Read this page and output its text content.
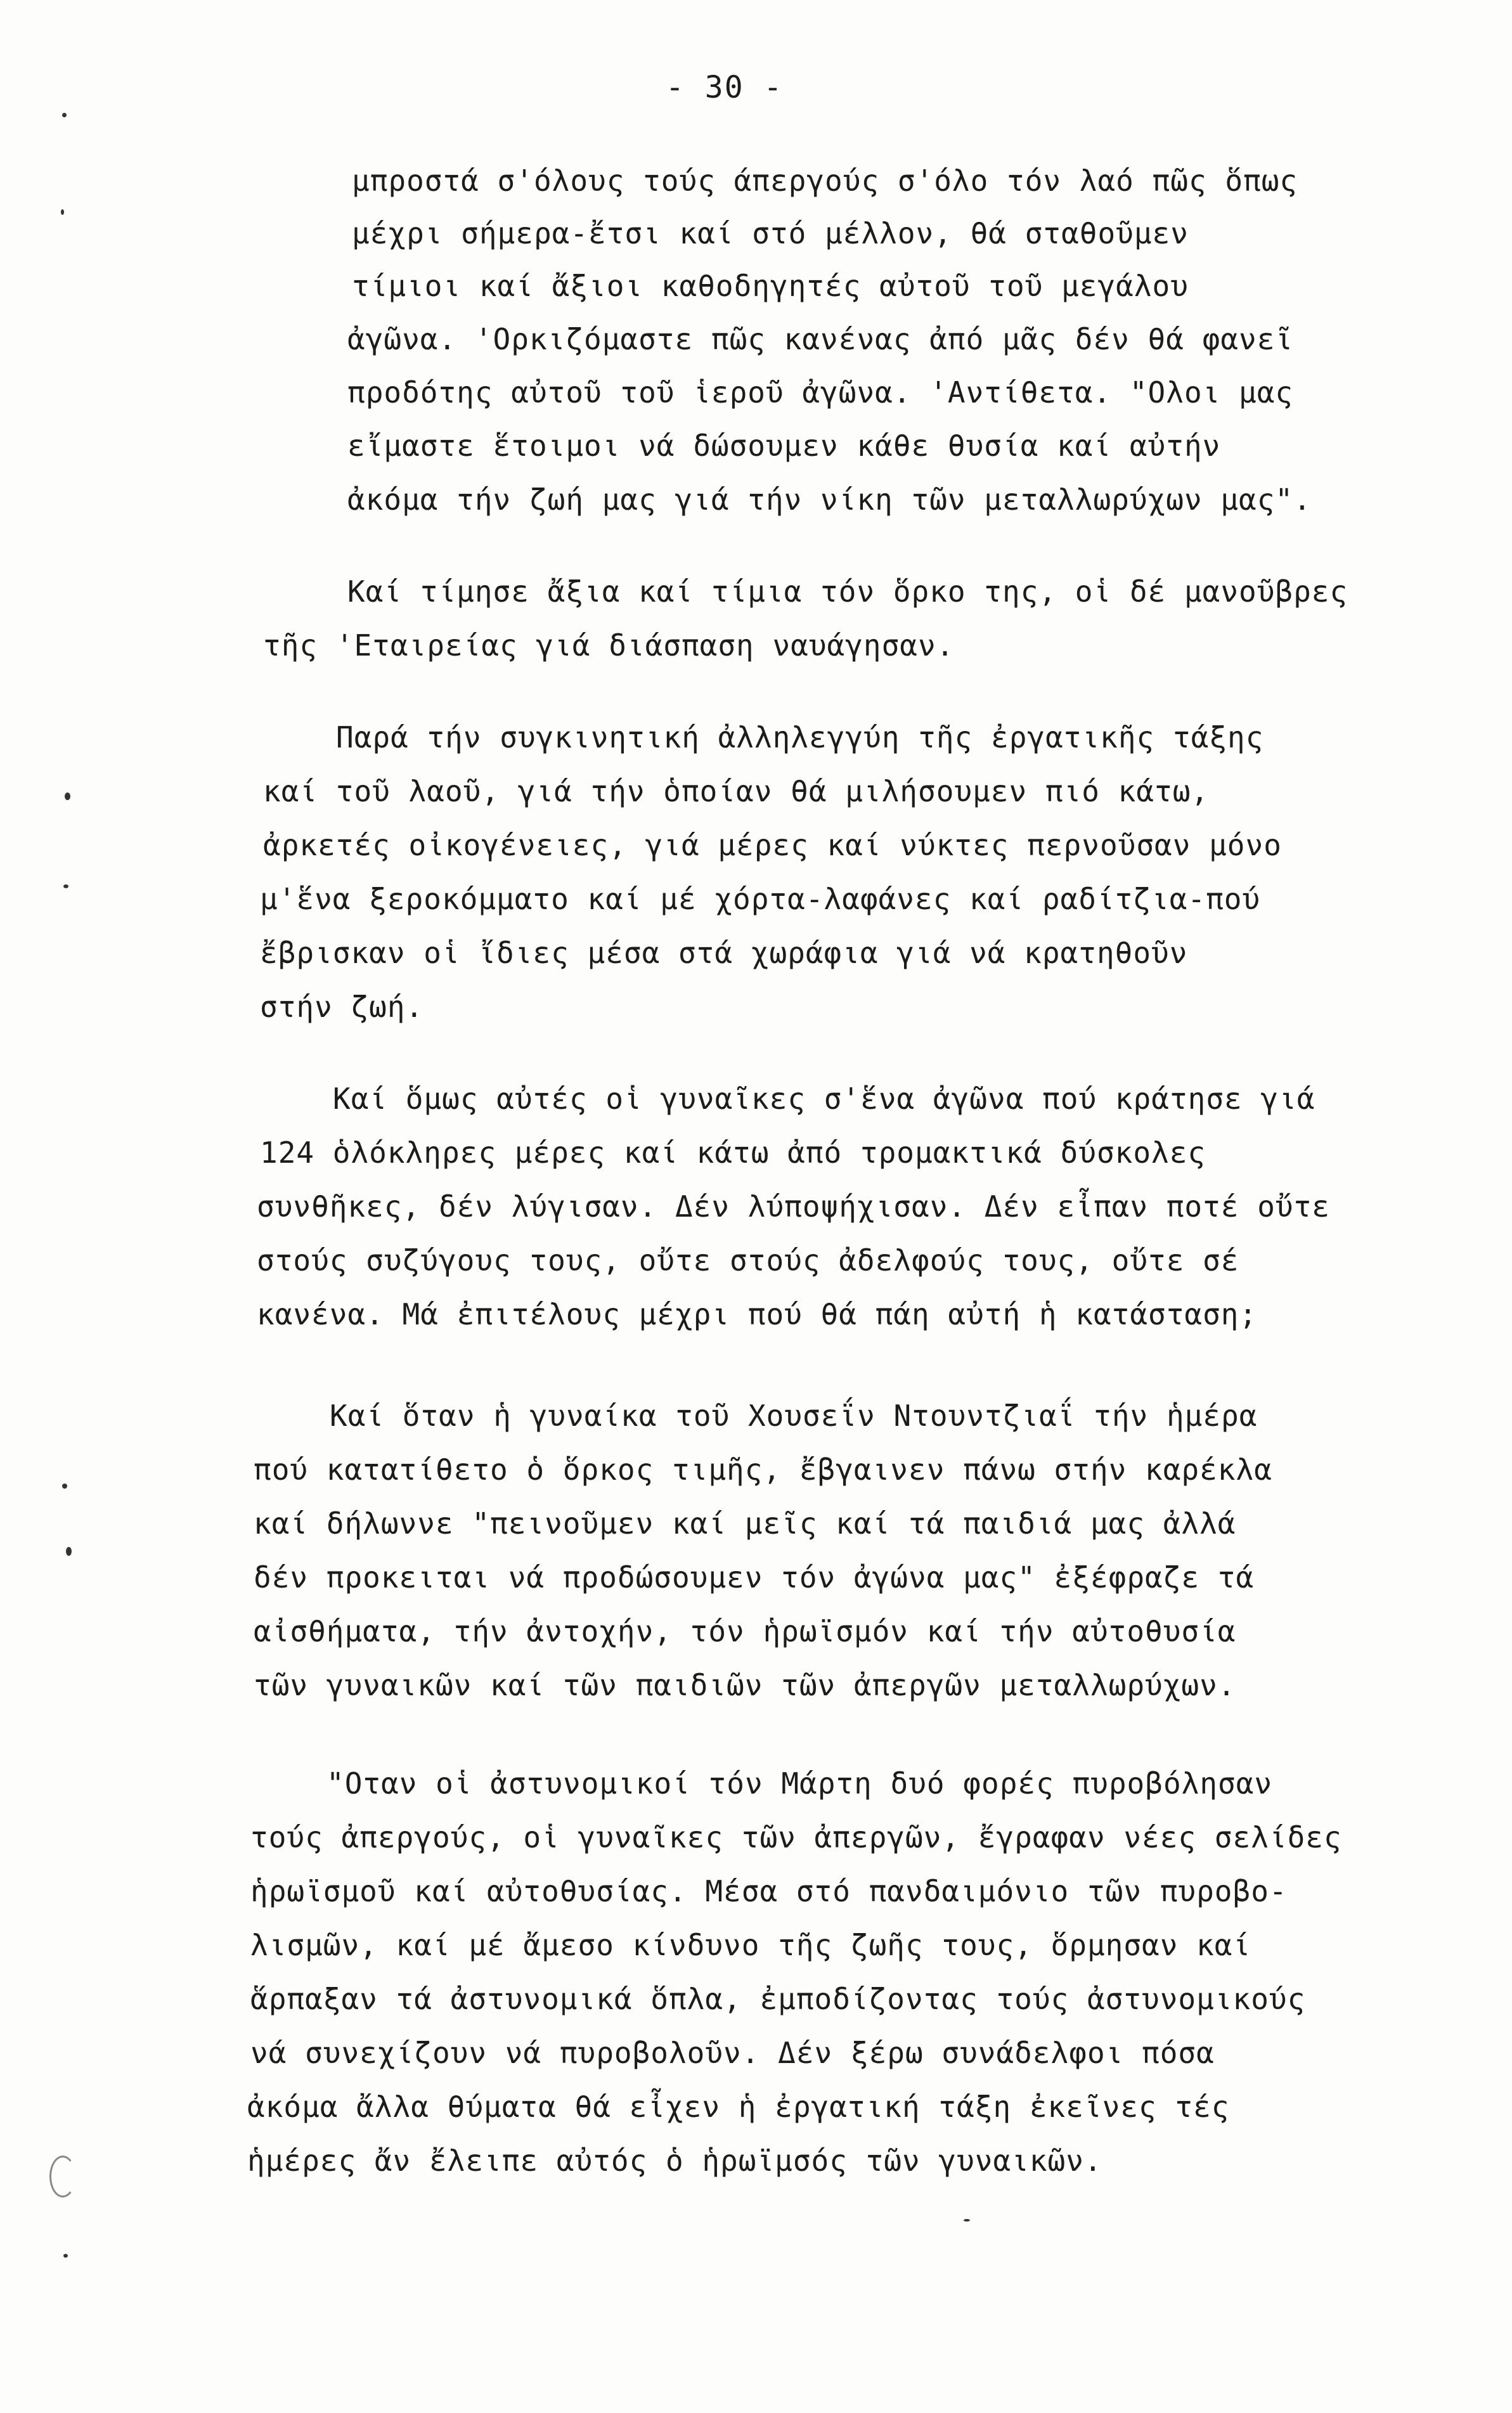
- 30 -
μπροστά σ'όλους τούς άπεργούς σ'όλο τόν λαό πῶς ὅπως
μέχρι σήμερα-ἔτσι καί στό μέλλον, θά σταθοῦμεν
τίμιοι καί ἄξιοι καθοδηγητές αὐτοῦ τοῦ μεγάλου
ἀγῶνα. 'Ορκιζόμαστε πῶς κανένας ἀπό μᾶς δέν θά φανεῖ
προδότης αὐτοῦ τοῦ ἱεροῦ ἀγῶνα. 'Αντίθετα. "Ολοι μας
εἴμαστε ἕτοιμοι νά δώσουμεν κάθε θυσία καί αὐτήν
ἀκόμα τήν ζωή μας γιά τήν νίκη τῶν μεταλλωρύχων μας".
Καί τίμησε ἄξια καί τίμια τόν ὅρκο της, οἱ δέ μανοῦβρες
τῆς 'Εταιρείας γιά διάσπαση ναυάγησαν.
Παρά τήν συγκινητική ἀλληλεγγύη τῆς ἐργατικῆς τάξης
καί τοῦ λαοῦ, γιά τήν ὁποίαν θά μιλήσουμεν πιό κάτω,
ἀρκετές οἰκογένειες, γιά μέρες καί νύκτες περνοῦσαν μόνο
μ'ἕνα ξεροκόμματο καί μέ χόρτα-λαφάνες καί ραδίτζια-πού
ἔβρισκαν οἱ ἴδιες μέσα στά χωράφια γιά νά κρατηθοῦν
στήν ζωή.
Καί ὅμως αὐτές οἱ γυναῖκες σ'ἕνα ἀγῶνα πού κράτησε γιά
124 ὁλόκληρες μέρες καί κάτω ἀπό τρομακτικά δύσκολες
συνθῆκες, δέν λύγισαν. Δέν λύποψήχισαν. Δέν εἶπαν ποτέ οὔτε
στούς συζύγους τους, οὔτε στούς ἀδελφούς τους, οὔτε σέ
κανένα. Μά ἐπιτέλους μέχρι πού θά πάη αὐτή ἡ κατάσταση;
Καί ὅταν ἡ γυναίκα τοῦ Χουσεΐν Ντουντζιαΐ τήν ἡμέρα
πού κατατίθετο ὁ ὅρκος τιμῆς, ἔβγαινεν πάνω στήν καρέκλα
καί δήλωννε "πεινοῦμεν καί μεῖς καί τά παιδιά μας ἀλλά
δέν προκειται νά προδώσουμεν τόν ἀγώνα μας" ἐξέφραζε τά
αἰσθήματα, τήν ἀντοχήν, τόν ἡρωϊσμόν καί τήν αὐτοθυσία
τῶν γυναικῶν καί τῶν παιδιῶν τῶν ἀπεργῶν μεταλλωρύχων.
"Οταν οἱ ἀστυνομικοί τόν Μάρτη δυό φορές πυροβόλησαν
τούς ἀπεργούς, οἱ γυναῖκες τῶν ἀπεργῶν, ἔγραφαν νέες σελίδες
ἡρωϊσμοῦ καί αὐτοθυσίας. Μέσα στό πανδαιμόνιο τῶν πυροβο-
λισμῶν, καί μέ ἄμεσο κίνδυνο τῆς ζωῆς τους, ὅρμησαν καί
ἅρπαξαν τά ἀστυνομικά ὅπλα, ἐμποδίζοντας τούς ἀστυνομικούς
νά συνεχίζουν νά πυροβολοῦν. Δέν ξέρω συνάδελφοι πόσα
ἀκόμα ἄλλα θύματα θά εἶχεν ἡ ἐργατική τάξη ἐκεῖνες τές
ἡμέρες ἄν ἔλειπε αὐτός ὁ ἡρωϊμσός τῶν γυναικῶν.
